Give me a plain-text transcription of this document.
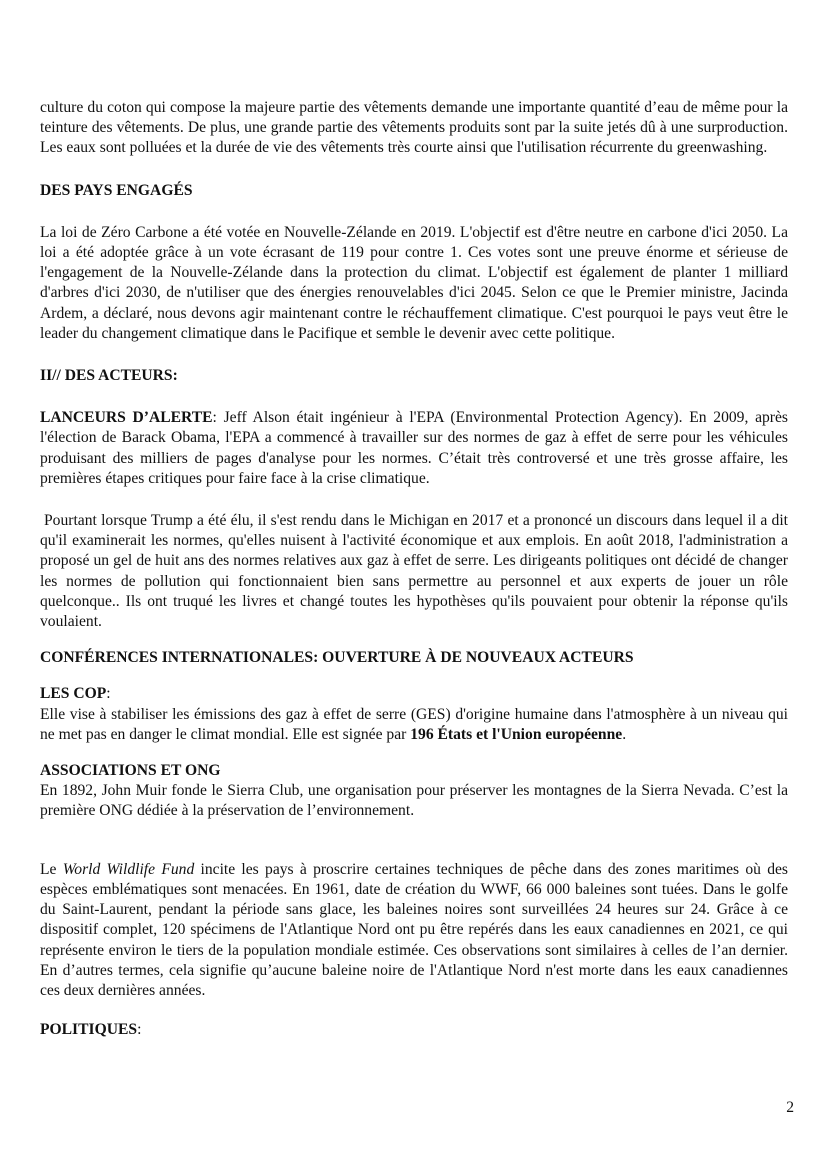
culture du coton qui compose la majeure partie des vêtements demande une importante quantité d’eau de même pour la teinture des vêtements. De plus, une grande partie des vêtements produits sont par la suite jetés dû à une surproduction. Les eaux sont polluées et la durée de vie des vêtements très courte ainsi que l'utilisation récurrente du greenwashing.

DES PAYS ENGAGÉS

La loi de Zéro Carbone a été votée en Nouvelle-Zélande en 2019. L'objectif est d'être neutre en carbone d'ici 2050. La loi a été adoptée grâce à un vote écrasant de 119 pour contre 1. Ces votes sont une preuve énorme et sérieuse de l'engagement de la Nouvelle-Zélande dans la protection du climat. L'objectif est également de planter 1 milliard d'arbres d'ici 2030, de n'utiliser que des énergies renouvelables d'ici 2045. Selon ce que le Premier ministre, Jacinda Ardem, a déclaré, nous devons agir maintenant contre le réchauffement climatique. C'est pourquoi le pays veut être le leader du changement climatique dans le Pacifique et semble le devenir avec cette politique.

II// DES ACTEURS:

LANCEURS D’ALERTE: Jeff Alson était ingénieur à l'EPA (Environmental Protection Agency). En 2009, après l'élection de Barack Obama, l'EPA a commencé à travailler sur des normes de gaz à effet de serre pour les véhicules produisant des milliers de pages d'analyse pour les normes. C’était très controversé et une très grosse affaire, les premières étapes critiques pour faire face à la crise climatique.

Pourtant lorsque Trump a été élu, il s'est rendu dans le Michigan en 2017 et a prononcé un discours dans lequel il a dit qu'il examinerait les normes, qu'elles nuisent à l'activité économique et aux emplois. En août 2018, l'administration a proposé un gel de huit ans des normes relatives aux gaz à effet de serre. Les dirigeants politiques ont décidé de changer les normes de pollution qui fonctionnaient bien sans permettre au personnel et aux experts de jouer un rôle quelconque.. Ils ont truqué les livres et changé toutes les hypothèses qu'ils pouvaient pour obtenir la réponse qu'ils voulaient.

CONFÉRENCES INTERNATIONALES: OUVERTURE À DE NOUVEAUX ACTEURS

LES COP:

Elle vise à stabiliser les émissions des gaz à effet de serre (GES) d'origine humaine dans l'atmosphère à un niveau qui ne met pas en danger le climat mondial. Elle est signée par 196 États et l'Union européenne.

ASSOCIATIONS ET ONG

En 1892, John Muir fonde le Sierra Club, une organisation pour préserver les montagnes de la Sierra Nevada. C’est la première ONG dédiée à la préservation de l’environnement.

Le World Wildlife Fund incite les pays à proscrire certaines techniques de pêche dans des zones maritimes où des espèces emblématiques sont menacées. En 1961, date de création du WWF, 66 000 baleines sont tuées. Dans le golfe du Saint-Laurent, pendant la période sans glace, les baleines noires sont surveillées 24 heures sur 24. Grâce à ce dispositif complet, 120 spécimens de l'Atlantique Nord ont pu être repérés dans les eaux canadiennes en 2021, ce qui représente environ le tiers de la population mondiale estimée. Ces observations sont similaires à celles de l’an dernier. En d’autres termes, cela signifie qu’aucune baleine noire de l'Atlantique Nord n'est morte dans les eaux canadiennes ces deux dernières années.

POLITIQUES:

2
